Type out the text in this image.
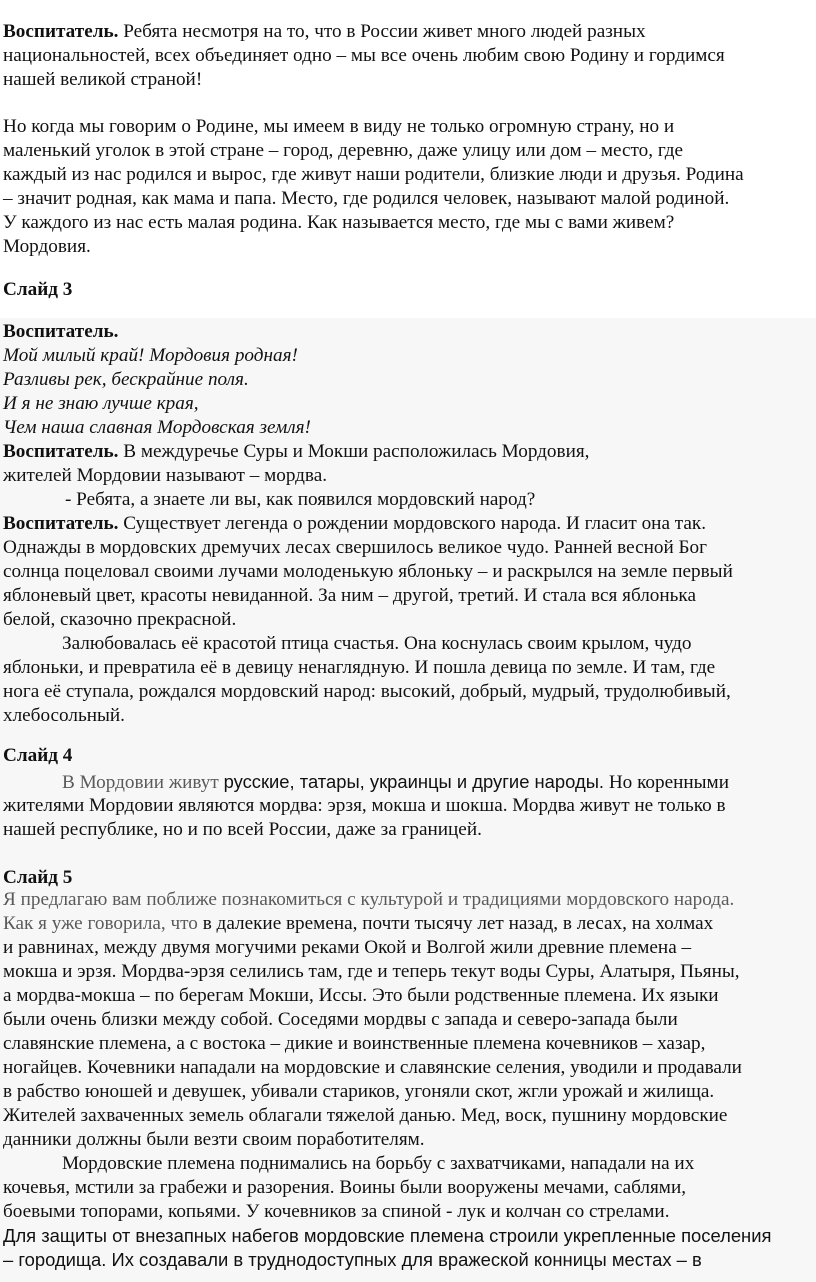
Воспитатель. Ребята несмотря на то, что в России живет много людей разных
национальностей, всех объединяет одно – мы все очень любим свою Родину и гордимся
нашей великой страной!
Но когда мы говорим о Родине, мы имеем в виду не только огромную страну, но и
маленький уголок в этой стране – город, деревню, даже улицу или дом – место, где
каждый из нас родился и вырос, где живут наши родители, близкие люди и друзья. Родина
– значит родная, как мама и папа. Место, где родился человек, называют малой родиной.
У каждого из нас есть малая родина. Как называется место, где мы с вами живем?
Мордовия.
Слайд 3
Воспитатель.
Мой милый край! Мордовия родная!
Разливы рек, бескрайние поля.
И я не знаю лучше края,
Чем наша славная Мордовская земля!
Воспитатель. В междуречье Суры и Мокши расположилась Мордовия,
жителей Мордовии называют – мордва.
- Ребята, а знаете ли вы, как появился мордовский народ?
Воспитатель. Существует легенда о рождении мордовского народа. И гласит она так.
Однажды в мордовских дремучих лесах свершилось великое чудо. Ранней весной Бог
солнца поцеловал своими лучами молоденькую яблоньку – и раскрылся на земле первый
яблоневый цвет, красоты невиданной. За ним – другой, третий. И стала вся яблонька
белой, сказочно прекрасной.
Залюбовалась её красотой птица счастья. Она коснулась своим крылом, чудо
яблоньки, и превратила её в девицу ненаглядную. И пошла девица по земле. И там, где
нога её ступала, рождался мордовский народ: высокий, добрый, мудрый, трудолюбивый,
хлебосольный.
Слайд 4
В Мордовии живут русские, татары, украинцы и другие народы. Но коренными
жителями Мордовии являются мордва: эрзя, мокша и шокша. Мордва живут не только в
нашей республике, но и по всей России, даже за границей.
Слайд 5
Я предлагаю вам поближе познакомиться с культурой и традициями мордовского народа.
Как я уже говорила, что в далекие времена, почти тысячу лет назад, в лесах, на холмах
и равнинах, между двумя могучими реками Окой и Волгой жили древние племена –
мокша и эрзя. Мордва-эрзя селились там, где и теперь текут воды Суры, Алатыря, Пьяны,
а мордва-мокша – по берегам Мокши, Иссы. Это были родственные племена. Их языки
были очень близки между собой. Соседями мордвы с запада и северо-запада были
славянские племена, а с востока – дикие и воинственные племена кочевников – хазар,
ногайцев. Кочевники нападали на мордовские и славянские селения, уводили и продавали
в рабство юношей и девушек, убивали стариков, угоняли скот, жгли урожай и жилища.
Жителей захваченных земель облагали тяжелой данью. Мед, воск, пушнину мордовские
данники должны были везти своим поработителям.
Мордовские племена поднимались на борьбу с захватчиками, нападали на их
кочевья, мстили за грабежи и разорения. Воины были вооружены мечами, саблями,
боевыми топорами, копьями. У кочевников за спиной - лук и колчан со стрелами.
Для защиты от внезапных набегов мордовские племена строили укрепленные поселения
– городища. Их создавали в труднодоступных для вражеской конницы местах – в
